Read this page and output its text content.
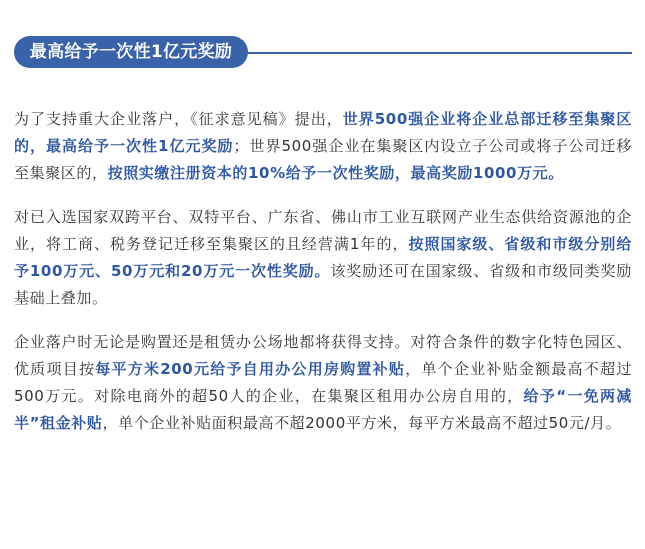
最高给予一次性1亿元奖励

为了支持重大企业落户，《征求意见稿》提出，世界500强企业将企业总部迁移至集聚区的，最高给予一次性1亿元奖励；世界500强企业在集聚区内设立子公司或将子公司迁移至集聚区的，按照实缴注册资本的10%给予一次性奖励，最高奖励1000万元。

对已入选国家双跨平台、双特平台、广东省、佛山市工业互联网产业生态供给资源池的企业，将工商、税务登记迁移至集聚区的且经营满1年的，按照国家级、省级和市级分别给予100万元、50万元和20万元一次性奖励。该奖励还可在国家级、省级和市级同类奖励基础上叠加。

企业落户时无论是购置还是租赁办公场地都将获得支持。对符合条件的数字化特色园区、优质项目按每平方米200元给予自用办公用房购置补贴，单个企业补贴金额最高不超过500万元。对除电商外的超50人的企业，在集聚区租用办公房自用的，给予“一免两减半”租金补贴，单个企业补贴面积最高不超2000平方米，每平方米最高不超过50元/月。
